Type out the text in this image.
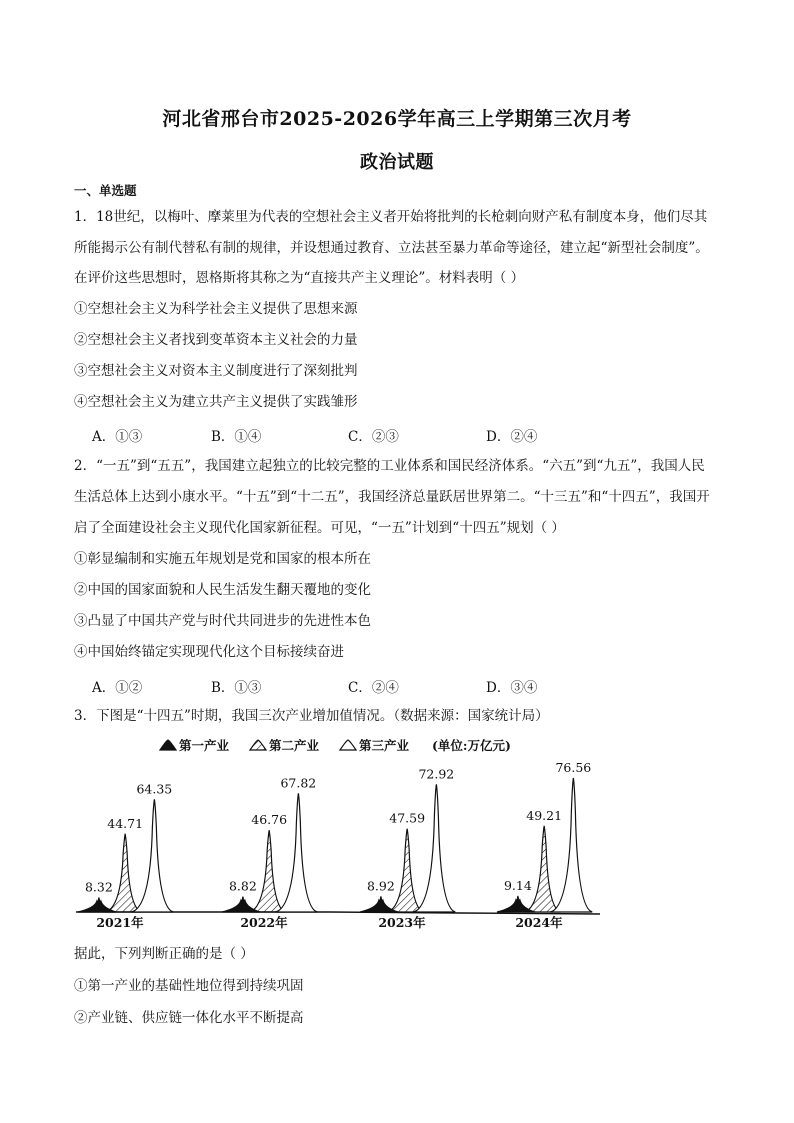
河北省邢台市2025-2026学年高三上学期第三次月考
政治试题
一、单选题
1．18世纪，以梅叶、摩莱里为代表的空想社会主义者开始将批判的长枪刺向财产私有制度本身，他们尽其
所能揭示公有制代替私有制的规律，并设想通过教育、立法甚至暴力革命等途径，建立起“新型社会制度”。
在评价这些思想时，恩格斯将其称之为“直接共产主义理论”。材料表明（ ）
①空想社会主义为科学社会主义提供了思想来源
②空想社会主义者找到变革资本主义社会的力量
③空想社会主义对资本主义制度进行了深刻批判
④空想社会主义为建立共产主义提供了实践雏形
A．①③	B．①④	C．②③	D．②④
2．“一五”到“五五”，我国建立起独立的比较完整的工业体系和国民经济体系。“六五”到“九五”，我国人民
生活总体上达到小康水平。“十五”到“十二五”，我国经济总量跃居世界第二。“十三五”和“十四五”，我国开
启了全面建设社会主义现代化国家新征程。可见，“一五”计划到“十四五”规划（ ）
①彰显编制和实施五年规划是党和国家的根本所在
②中国的国家面貌和人民生活发生翻天覆地的变化
③凸显了中国共产党与时代共同进步的先进性本色
④中国始终锚定实现现代化这个目标接续奋进
A．①②	B．①③	C．②④	D．③④
3．下图是“十四五”时期，我国三次产业增加值情况。（数据来源：国家统计局）
第一产业	第二产业	第三产业 (单位:万亿元)
8.32
44.71
64.35
2021年
8.82
46.76
67.82
2022年
8.92
47.59
72.92
2023年
9.14
49.21
76.56
2024年
据此，下列判断正确的是（ ）
①第一产业的基础性地位得到持续巩固
②产业链、供应链一体化水平不断提高
